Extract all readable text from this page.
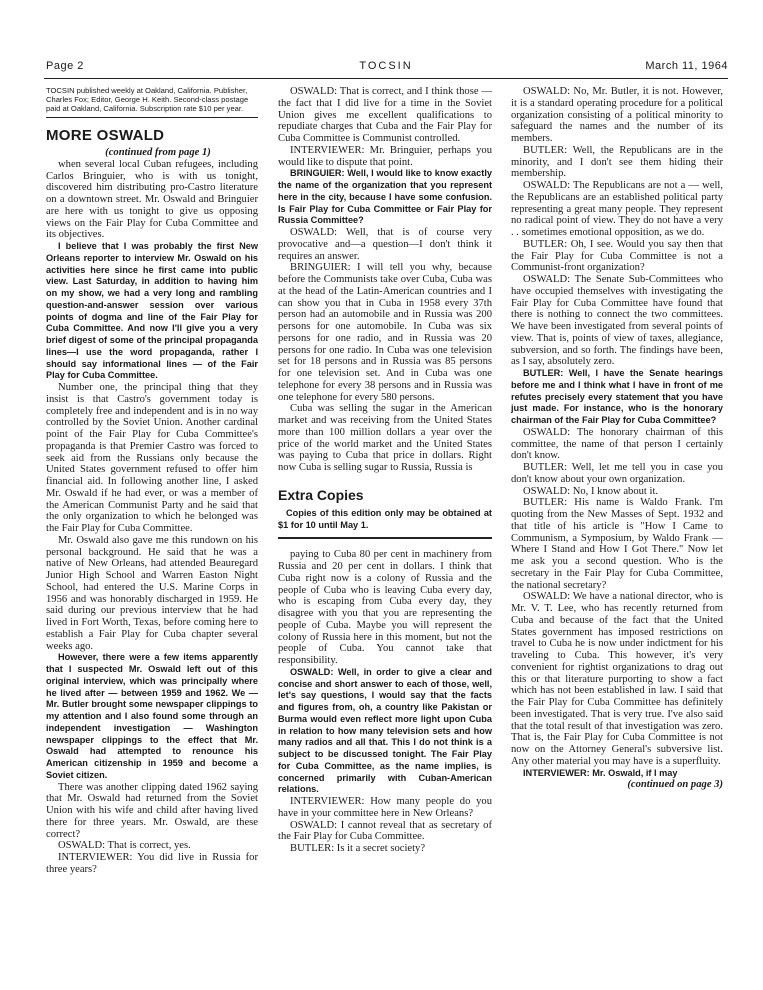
Page 2	TOCSIN	March 11, 1964
TOCSIN published weekly at Oakland, California. Publisher, Charles Fox; Editor, George H. Keith. Second-class postage paid at Oakland, California. Subscription rate $10 per year.
MORE OSWALD

(continued from page 1)

when several local Cuban refugees, including Carlos Bringuier, who is with us tonight, discovered him distributing pro-Castro literature on a downtown street. Mr. Oswald and Bringuier are here with us tonight to give us opposing views on the Fair Play for Cuba Committee and its objectives.

I believe that I was probably the first New Orleans reporter to interview Mr. Oswald on his activities here since he first came into public view. Last Saturday, in addition to having him on my show, we had a very long and rambling question-and-answer session over various points of dogma and line of the Fair Play for Cuba Committee. And now I'll give you a very brief digest of some of the principal propaganda lines—I use the word propaganda, rather I should say informational lines — of the Fair Play for Cuba Committee.

Number one, the principal thing that they insist is that Castro's government today is completely free and independent and is in no way controlled by the Soviet Union. Another cardinal point of the Fair Play for Cuba Committee's propaganda is that Premier Castro was forced to seek aid from the Russians only because the United States government refused to offer him financial aid. In following another line, I asked Mr. Oswald if he had ever, or was a member of the American Communist Party and he said that the only organization to which he belonged was the Fair Play for Cuba Committee.

Mr. Oswald also gave me this rundown on his personal background. He said that he was a native of New Orleans, had attended Beauregard Junior High School and Warren Easton Night School, had entered the U.S. Marine Corps in 1956 and was honorably discharged in 1959. He said during our previous interview that he had lived in Fort Worth, Texas, before coming here to establish a Fair Play for Cuba chapter several weeks ago.

However, there were a few items apparently that I suspected Mr. Oswald left out of this original interview, which was principally where he lived after — between 1959 and 1962. We — Mr. Butler brought some newspaper clippings to my attention and I also found some through an independent investigation — Washington newspaper clippings to the effect that Mr. Oswald had attempted to renounce his American citizenship in 1959 and become a Soviet citizen.

There was another clipping dated 1962 saying that Mr. Oswald had returned from the Soviet Union with his wife and child after having lived there for three years. Mr. Oswald, are these correct?

OSWALD: That is correct, yes.

INTERVIEWER: You did live in Russia for three years?

OSWALD: That is correct, and I think those — the fact that I did live for a time in the Soviet Union gives me excellent qualifications to repudiate charges that Cuba and the Fair Play for Cuba Committee is Communist controlled.

INTERVIEWER: Mr. Bringuier, perhaps you would like to dispute that point.

BRINGUIER: Well, I would like to know exactly the name of the organization that you represent here in the city, because I have some confusion. Is Fair Play for Cuba Committee or Fair Play for Russia Committee?

OSWALD: Well, that is of course very provocative and—a question—I don't think it requires an answer.

BRINGUIER: I will tell you why, because before the Communists take over Cuba, Cuba was at the head of the Latin-American countries and I can show you that in Cuba in 1958 every 37th person had an automobile and in Russia was 200 persons for one automobile. In Cuba was six persons for one radio, and in Russia was 20 persons for one radio. In Cuba was one television set for 18 persons and in Russia was 85 persons for one television set. And in Cuba was one telephone for every 38 persons and in Russia was one telephone for every 580 persons.

Cuba was selling the sugar in the American market and was receiving from the United States more than 100 million dollars a year over the price of the world market and the United States was paying to Cuba that price in dollars. Right now Cuba is selling sugar to Russia, Russia is

Extra Copies

Copies of this edition only may be obtained at $1 for 10 until May 1.

paying to Cuba 80 per cent in machinery from Russia and 20 per cent in dollars. I think that Cuba right now is a colony of Russia and the people of Cuba who is leaving Cuba every day, who is escaping from Cuba every day, they disagree with you that you are representing the people of Cuba. Maybe you will represent the colony of Russia here in this moment, but not the people of Cuba. You cannot take that responsibility.

OSWALD: Well, in order to give a clear and concise and short answer to each of those, well, let's say questions, I would say that the facts and figures from, oh, a country like Pakistan or Burma would even reflect more light upon Cuba in relation to how many television sets and how many radios and all that. This I do not think is a subject to be discussed tonight. The Fair Play for Cuba Committee, as the name implies, is concerned primarily with Cuban-American relations.

INTERVIEWER: How many people do you have in your committee here in New Orleans?

OSWALD: I cannot reveal that as secretary of the Fair Play for Cuba Committee.

BUTLER: Is it a secret society?

OSWALD: No, Mr. Butler, it is not. However, it is a standard operating procedure for a political organization consisting of a political minority to safeguard the names and the number of its members.

BUTLER: Well, the Republicans are in the minority, and I don't see them hiding their membership.

OSWALD: The Republicans are not a — well, the Republicans are an established political party representing a great many people. They represent no radical point of view. They do not have a very . . sometimes emotional opposition, as we do.

BUTLER: Oh, I see. Would you say then that the Fair Play for Cuba Committee is not a Communist-front organization?

OSWALD: The Senate Sub-Committees who have occupied themselves with investigating the Fair Play for Cuba Committee have found that there is nothing to connect the two committees. We have been investigated from several points of view. That is, points of view of taxes, allegiance, subversion, and so forth. The findings have been, as I say, absolutely zero.

BUTLER: Well, I have the Senate hearings before me and I think what I have in front of me refutes precisely every statement that you have just made. For instance, who is the honorary chairman of the Fair Play for Cuba Committee?

OSWALD: The honorary chairman of this committee, the name of that person I certainly don't know.

BUTLER: Well, let me tell you in case you don't know about your own organization.

OSWALD: No, I know about it.

BUTLER: His name is Waldo Frank. I'm quoting from the New Masses of Sept. 1932 and that title of his article is "How I Came to Communism, a Symposium, by Waldo Frank — Where I Stand and How I Got There." Now let me ask you a second question. Who is the secretary in the Fair Play for Cuba Committee, the national secretary?

OSWALD: We have a national director, who is Mr. V. T. Lee, who has recently returned from Cuba and because of the fact that the United States government has imposed restrictions on travel to Cuba he is now under indictment for his traveling to Cuba. This however, it's very convenient for rightist organizations to drag out this or that literature purporting to show a fact which has not been established in law. I said that the Fair Play for Cuba Committee has definitely been investigated. That is very true. I've also said that the total result of that investigation was zero. That is, the Fair Play for Cuba Committee is not now on the Attorney General's subversive list. Any other material you may have is a superfluity.

INTERVIEWER: Mr. Oswald, if I may

(continued on page 3)
